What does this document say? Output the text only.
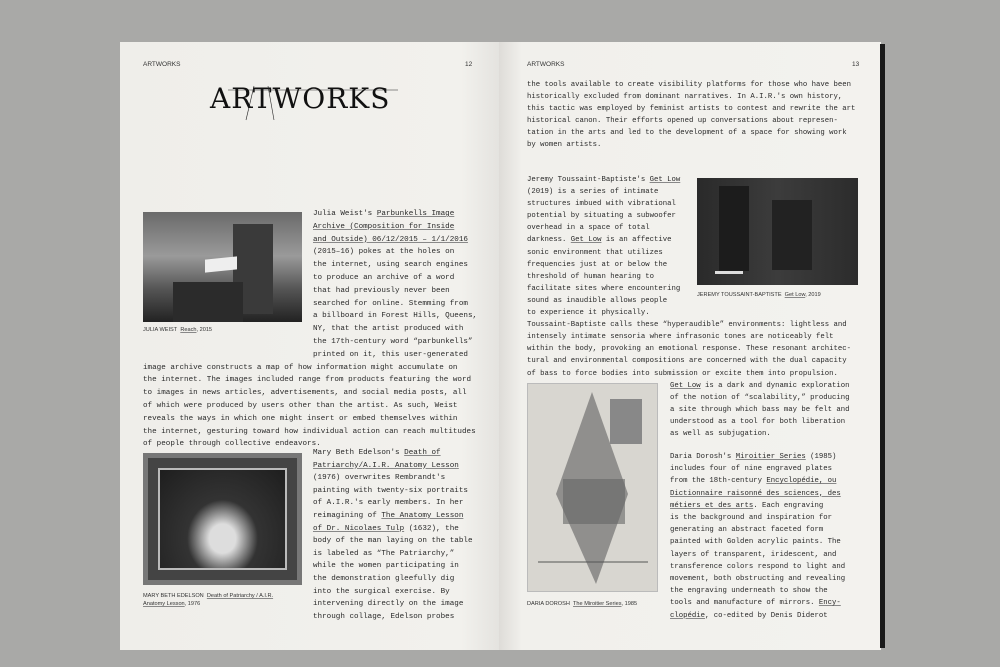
ARTWORKS	12
ARTWORKS
JULIA WEIST Reach, 2015
Julia Weist's Parbunkells Image
Archive (Composition for Inside
and Outside) 06/12/2015 – 1/1/2016
(2015–16) pokes at the holes on
the internet, using search engines
to produce an archive of a word
that had previously never been
searched for online. Stemming from
a billboard in Forest Hills, Queens,
NY, that the artist produced with
the 17th-century word “parbunkells”
printed on it, this user-generated
image archive constructs a map of how information might accumulate on
the internet. The images included range from products featuring the word
to images in news articles, advertisements, and social media posts, all
of which were produced by users other than the artist. As such, Weist
reveals the ways in which one might insert or embed themselves within
the internet, gesturing toward how individual action can reach multitudes
of people through collective endeavors.
MARY BETH EDELSON Death of Patriarchy / A.I.R.
Anatomy Lesson, 1976
Mary Beth Edelson's Death of
Patriarchy/A.I.R. Anatomy Lesson
(1976) overwrites Rembrandt's
painting with twenty-six portraits
of A.I.R.'s early members. In her
reimagining of The Anatomy Lesson
of Dr. Nicolaes Tulp (1632), the
body of the man laying on the table
is labeled as “The Patriarchy,”
while the women participating in
the demonstration gleefully dig
into the surgical exercise. By
intervening directly on the image
through collage, Edelson probes
ARTWORKS	13
the tools available to create visibility platforms for those who have been
historically excluded from dominant narratives. In A.I.R.'s own history,
this tactic was employed by feminist artists to contest and rewrite the art
historical canon. Their efforts opened up conversations about represen-
tation in the arts and led to the development of a space for showing work
by women artists.
JEREMY TOUSSAINT-BAPTISTE Get Low, 2019
Jeremy Toussaint-Baptiste's Get Low
(2019) is a series of intimate
structures imbued with vibrational
potential by situating a subwoofer
overhead in a space of total
darkness. Get Low is an affective
sonic environment that utilizes
frequencies just at or below the
threshold of human hearing to
facilitate sites where encountering
sound as inaudible allows people
to experience it physically.
Toussaint-Baptiste calls these “hyperaudible” environments: lightless and
intensely intimate sensoria where infrasonic tones are noticeably felt
within the body, provoking an emotional response. These resonant architec-
tural and environmental compositions are concerned with the dual capacity
of bass to force bodies into submission or excite them into propulsion.
Get Low is a dark and dynamic exploration
of the notion of “scalability,” producing
a site through which bass may be felt and
understood as a tool for both liberation
as well as subjugation.
DARIA DOROSH The Miroitier Series, 1985
Daria Dorosh's Miroitier Series (1985)
includes four of nine engraved plates
from the 18th-century Encyclopédie, ou
Dictionnaire raisonné des sciences, des
métiers et des arts. Each engraving
is the background and inspiration for
generating an abstract faceted form
painted with Golden acrylic paints. The
layers of transparent, iridescent, and
transference colors respond to light and
movement, both obstructing and revealing
the engraving underneath to show the
tools and manufacture of mirrors. Ency-
clopédie, co-edited by Denis Diderot
